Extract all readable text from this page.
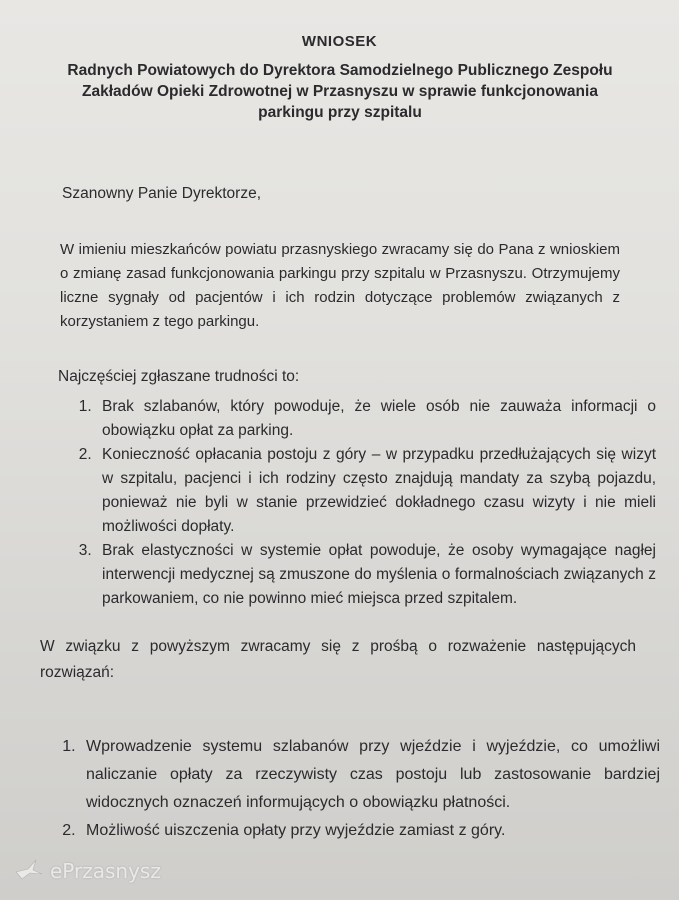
WNIOSEK
Radnych Powiatowych do Dyrektora Samodzielnego Publicznego Zespołu Zakładów Opieki Zdrowotnej w Przasnyszu w sprawie funkcjonowania parkingu przy szpitalu
Szanowny Panie Dyrektorze,
W imieniu mieszkańców powiatu przasnyskiego zwracamy się do Pana z wnioskiem o zmianę zasad funkcjonowania parkingu przy szpitalu w Przasnyszu. Otrzymujemy liczne sygnały od pacjentów i ich rodzin dotyczące problemów związanych z korzystaniem z tego parkingu.
Najczęściej zgłaszane trudności to:
1. Brak szlabanów, który powoduje, że wiele osób nie zauważa informacji o obowiązku opłat za parking.
2. Konieczność opłacania postoju z góry – w przypadku przedłużających się wizyt w szpitalu, pacjenci i ich rodziny często znajdują mandaty za szybą pojazdu, ponieważ nie byli w stanie przewidzieć dokładnego czasu wizyty i nie mieli możliwości dopłaty.
3. Brak elastyczności w systemie opłat powoduje, że osoby wymagające nagłej interwencji medycznej są zmuszone do myślenia o formalnościach związanych z parkowaniem, co nie powinno mieć miejsca przed szpitalem.
W związku z powyższym zwracamy się z prośbą o rozważenie następujących rozwiązań:
1. Wprowadzenie systemu szlabanów przy wjeździe i wyjeździe, co umożliwi naliczanie opłaty za rzeczywisty czas postoju lub zastosowanie bardziej widocznych oznaczeń informujących o obowiązku płatności.
2. Możliwość uiszczenia opłaty przy wyjeździe zamiast z góry.
ePrzasnysz
